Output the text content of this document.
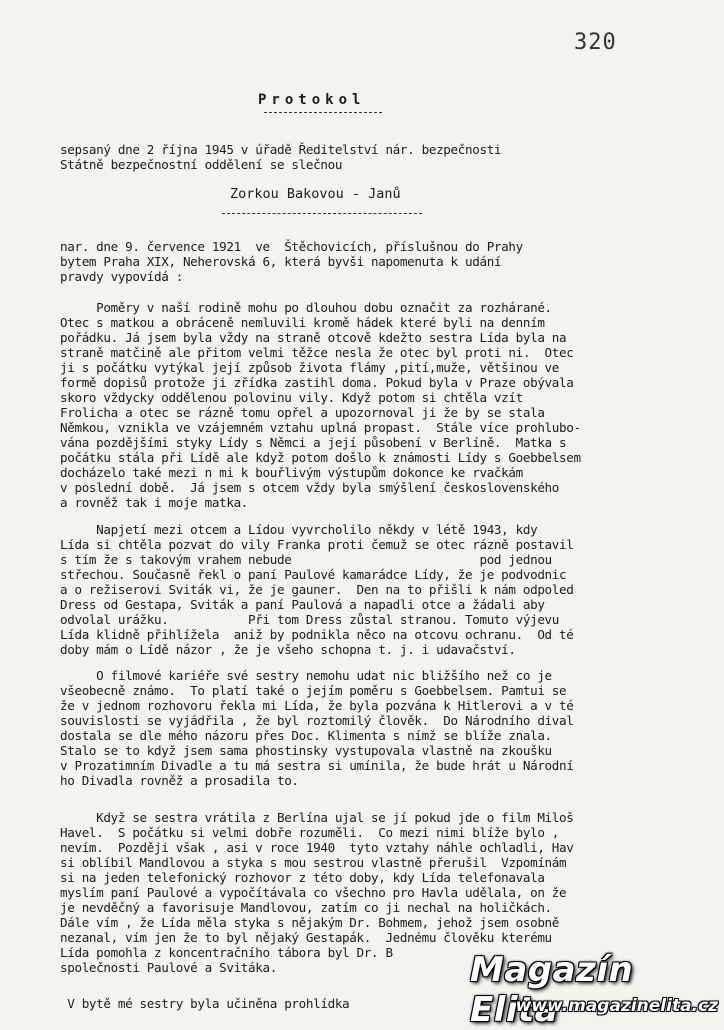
320
Protokol
sepsaný dne 2 října 1945 v úřadě Ředitelství nár. bezpečnosti
Státně bezpečnostní oddělení se slečnou
Zorkou Bakovou - Janů
nar. dne 9. července 1921  ve  Štěchovicích, příslušnou do Prahy
bytem Praha XIX, Neherovská 6, která byvši napomenuta k udání
pravdy vypovídá :
Poměry v naší rodině mohu po dlouhou dobu označit za rozhárané.
Otec s matkou a obráceně nemluvili kromě hádek které byli na denním
pořádku. Já jsem byla vždy na straně otcově kdežto sestra Lída byla na
straně matčině ale přitom velmi těžce nesla že otec byl proti ni.  Otec
ji s počátku vytýkal její způsob života flámy ,pití,muže, většinou ve
formě dopisů protože ji zřídka zastihl doma. Pokud byla v Praze obývala
skoro vždycky oddělenou polovinu vily. Když potom si chtěla vzít
Frolicha a otec se rázně tomu opřel a upozornoval ji že by se stala
Němkou, vznikla ve vzájemném vztahu uplná propast.  Stále více prohlubo-
vána pozdějšími styky Lídy s Němci a její působení v Berlíně.  Matka s
počátku stála při Lídě ale když potom došlo k známosti Lídy s Goebbelsem
docházelo také mezi n mi k bouřlivým výstupům dokonce ke rvačkám
v poslední době.  Já jsem s otcem vždy byla smýšlení československého
a rovněž tak i moje matka.
Napjetí mezi otcem a Lídou vyvrcholilo někdy v létě 1943, kdy
Lída si chtěla pozvat do vily Franka proti čemuž se otec rázně postavil
s tím že s takovým vrahem nebude                          pod jednou
střechou. Současně řekl o paní Paulové kamarádce Lídy, že je podvodnic
a o režiserovi Sviták vi, že je gauner.  Den na to přišli k nám odpoled
Dress od Gestapa, Sviták a paní Paulová a napadli otce a žádali aby
odvolal urážku.           Při tom Dress zůstal stranou. Tomuto výjevu
Lída klidně přihlížela  aniž by podnikla něco na otcovu ochranu.  Od té
doby mám o Lídě názor , že je všeho schopna t. j. i udavačství.
O filmové kariéře své sestry nemohu udat nic bližšího než co je
všeobecně známo.  To platí také o jejím poměru s Goebbelsem. Pamtui se
že v jednom rozhovoru řekla mi Lída, že byla pozvána k Hitlerovi a v té
souvislosti se vyjádřila , že byl roztomilý člověk.  Do Národního dival
dostala se dle mého názoru přes Doc. Klimenta s nímž se blíže znala.
Stalo se to když jsem sama phostinsky vystupovala vlastně na zkoušku
v Prozatimním Divadle a tu má sestra si umínila, že bude hrát u Národní
ho Divadla rovněž a prosadila to.
Když se sestra vrátila z Berlína ujal se jí pokud jde o film Miloš
Havel.  S počátku si velmi dobře rozuměli.  Co mezi nimi blíže bylo ,
nevím.  Později však , asi v roce 1940  tyto vztahy náhle ochladli, Hav
si oblíbil Mandlovou a styka s mou sestrou vlastně přerušil  Vzpomínám
si na jeden telefonický rozhovor z této doby, kdy Lída telefonavala
myslím paní Paulové a vypočítávala co všechno pro Havla udělala, on že
je nevděčný a favorisuje Mandlovou, zatím co ji nechal na holičkách.
Dále vím , že Lída měla styka s nějakým Dr. Bohmem, jehož jsem osobně
nezanal, vím jen že to byl nějaký Gestapák.  Jednému člověku kterému
Lída pomohla z koncentračního tábora byl Dr. B
společnosti Paulové a Svitáka.
V bytě mé sestry byla učiněna prohlídka
Magazín Elita
www.magazinelita.cz
